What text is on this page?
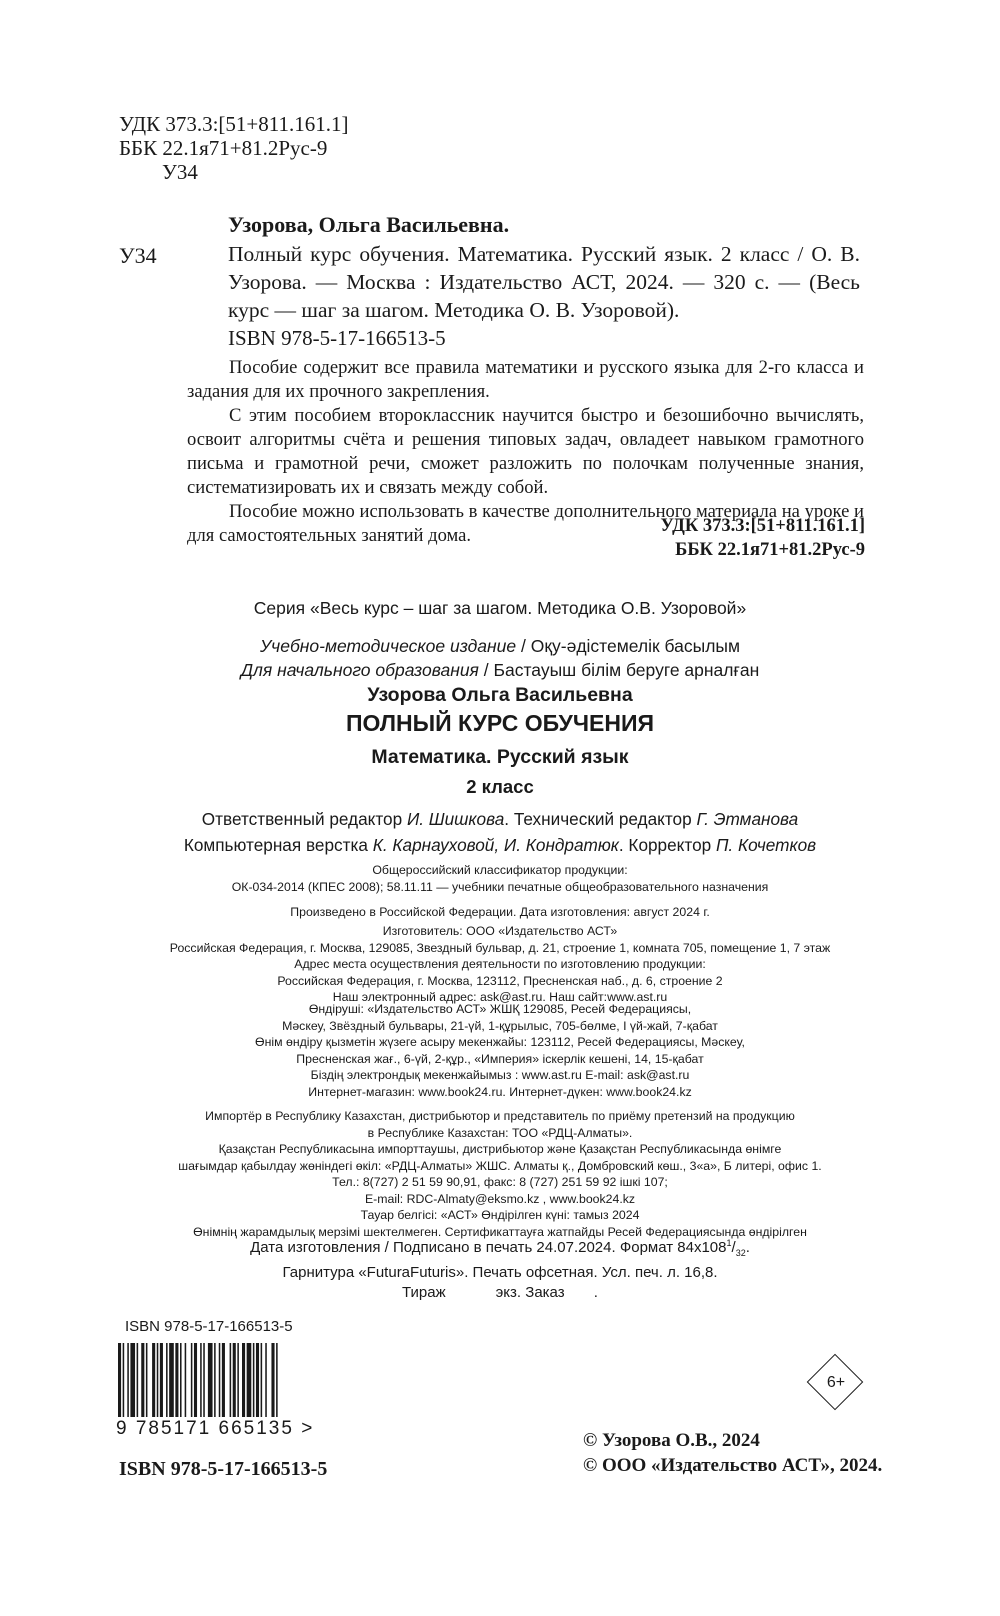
УДК 373.3:[51+811.161.1]
ББК 22.1я71+81.2Рус-9
У34
Узорова, Ольга Васильевна.
У34	Полный курс обучения. Математика. Русский язык. 2 класс / О. В. Узорова. — Москва : Издательство АСТ, 2024. — 320 с. — (Весь курс — шаг за шагом. Методика О. В. Узоровой).
ISBN 978-5-17-166513-5

Пособие содержит все правила математики и русского языка для 2-го класса и задания для их прочного закрепления.

С этим пособием второклассник научится быстро и безошибочно вычислять, освоит алгоритмы счёта и решения типовых задач, овладеет навыком грамотного письма и грамотной речи, сможет разложить по полочкам полученные знания, систематизировать их и связать между собой.

Пособие можно использовать в качестве дополнительного материала на уроке и для самостоятельных занятий дома.	УДК 373.3:[51+811.161.1]
ББК 22.1я71+81.2Рус-9
Серия «Весь курс – шаг за шагом. Методика О.В. Узоровой»
Учебно-методическое издание / Оқу-әдістемелік басылым
Для начального образования / Бастауыш білім беруге арналған
Узорова Ольга Васильевна
ПОЛНЫЙ КУРС ОБУЧЕНИЯ
Математика. Русский язык
2 класс
Ответственный редактор И. Шишкова. Технический редактор Г. Этманова
Компьютерная верстка К. Карнауховой, И. Кондратюк. Корректор П. Кочетков
Общероссийский классификатор продукции:
ОК-034-2014 (КПЕС 2008); 58.11.11 — учебники печатные общеобразовательного назначения
Произведено в Российской Федерации. Дата изготовления: август 2024 г.
Изготовитель: ООО «Издательство АСТ»
Российская Федерация, г. Москва, 129085, Звездный бульвар, д. 21, строение 1, комната 705, помещение 1, 7 этаж
Адрес места осуществления деятельности по изготовлению продукции:
Российская Федерация, г. Москва, 123112, Пресненская наб., д. 6, строение 2
Наш электронный адрес: ask@ast.ru. Наш сайт:www.ast.ru
Өндіруші: «Издательство АСТ» ЖШҚ 129085, Ресей Федерациясы,
Мәскеу, Звёздный бульвары, 21-үй, 1-құрылыс, 705-бөлме, I үй-жай, 7-қабат
Өнім өндіру қызметін жүзеге асыру мекенжайы: 123112, Ресей Федерациясы, Мәскеу,
Пресненская жағ., 6-үй, 2-құр., «Империя» іскерлік кешені, 14, 15-қабат
Біздің электрондық мекенжайымыз : www.ast.ru E-mail: ask@ast.ru
Интернет-магазин: www.book24.ru. Интернет-дүкен: www.book24.kz
Импортёр в Республику Казахстан, дистрибьютор и представитель по приёму претензий на продукцию
в Республике Казахстан: ТОО «РДЦ-Алматы».
Қазақстан Республикасына импорттаушы, дистрибьютор және Қазақстан Республикасында өнімге
шағымдар қабылдау жөніндегі өкіл: «РДЦ-Алматы» ЖШС. Алматы қ., Домбровский көш., 3«а», Б литері, офис 1.
Тел.: 8(727) 2 51 59 90,91, факс: 8 (727) 251 59 92 ішкі 107;
E-mail: RDC-Almaty@eksmo.kz , www.book24.kz
Тауар белгісі: «АСТ» Өндірілген күні: тамыз 2024
Өнімнің жарамдылық мерзімі шектелмеген. Сертификаттауға жатпайды Ресей Федерациясында өндірілген
Дата изготовления / Подписано в печать 24.07.2024. Формат $84x108^1/_{32}$.
Гарнитура «FuturaFuturis». Печать офсетная. Усл. печ. л. 16,8.
Тираж            экз. Заказ       .
ISBN 978-5-17-166513-5
9 785171 665135 >
ISBN 978-5-17-166513-5
6+
© Узорова О.В., 2024
© ООО «Издательство АСТ», 2024.
